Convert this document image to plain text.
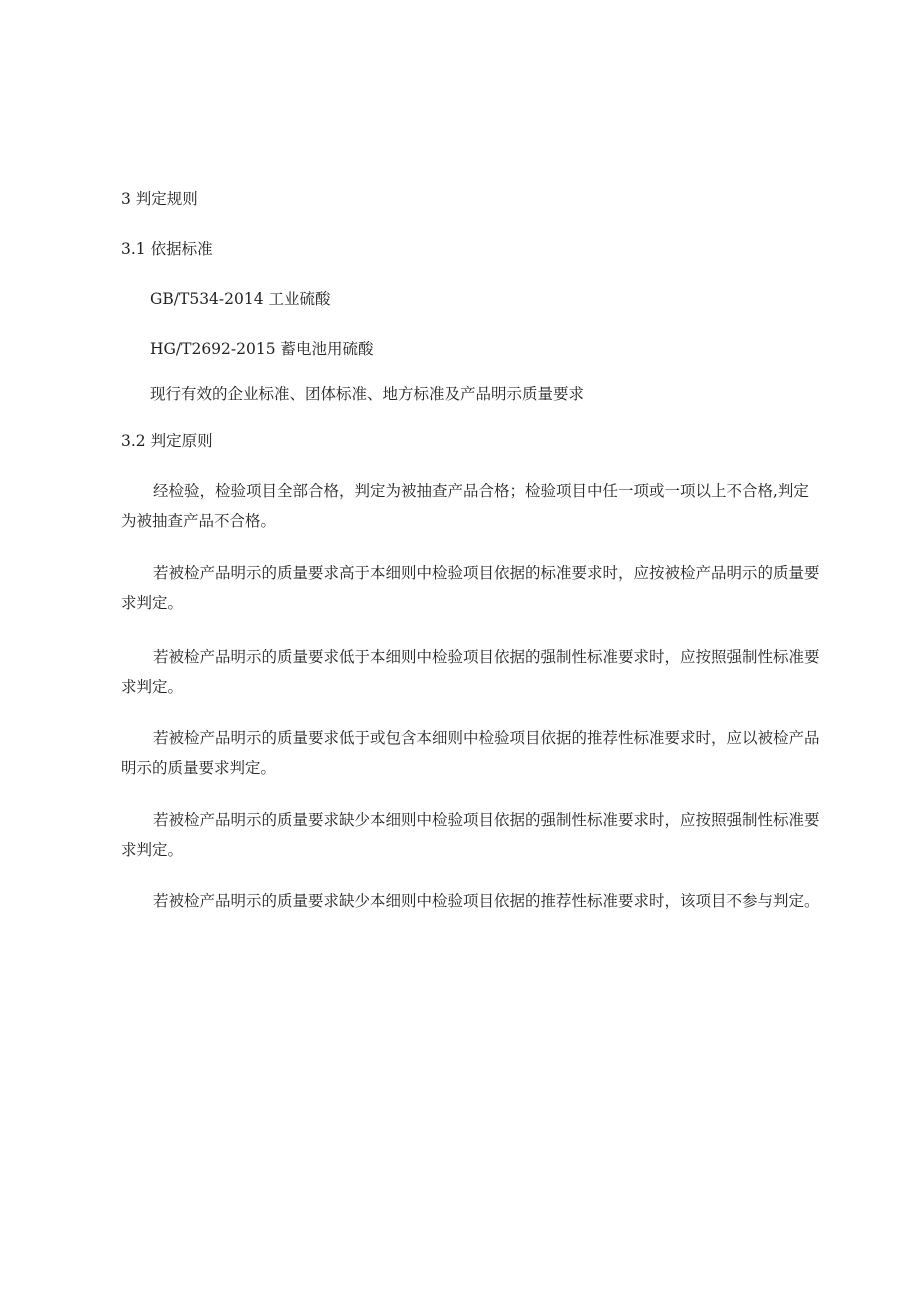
3 判定规则
3.1 依据标准
GB/T534-2014 工业硫酸
HG/T2692-2015 蓄电池用硫酸
现行有效的企业标准、团体标准、地方标准及产品明示质量要求
3.2 判定原则
经检验，检验项目全部合格，判定为被抽查产品合格；检验项目中任一项或一项以上不合格,判定为被抽查产品不合格。
若被检产品明示的质量要求高于本细则中检验项目依据的标准要求时，应按被检产品明示的质量要求判定。
若被检产品明示的质量要求低于本细则中检验项目依据的强制性标准要求时，应按照强制性标准要求判定。
若被检产品明示的质量要求低于或包含本细则中检验项目依据的推荐性标准要求时，应以被检产品明示的质量要求判定。
若被检产品明示的质量要求缺少本细则中检验项目依据的强制性标准要求时，应按照强制性标准要求判定。
若被检产品明示的质量要求缺少本细则中检验项目依据的推荐性标准要求时，该项目不参与判定。
